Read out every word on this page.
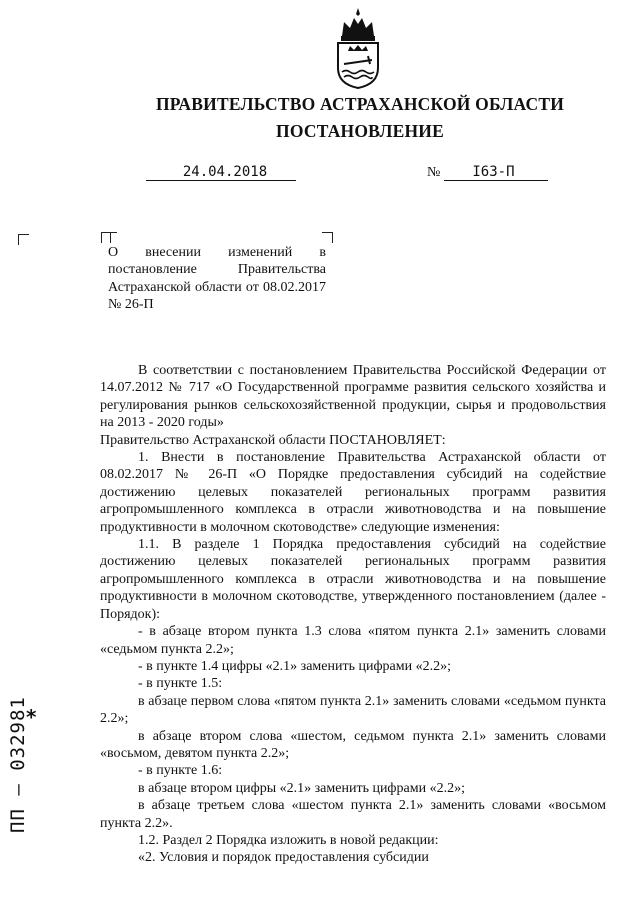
ПРАВИТЕЛЬСТВО АСТРАХАНСКОЙ ОБЛАСТИ
ПОСТАНОВЛЕНИЕ
24.04.2018	№ I63-П
О внесении изменений в постановление Правительства Астраханской области от 08.02.2017 № 26-П

В соответствии с постановлением Правительства Российской Федерации от 14.07.2012 № 717 «О Государственной программе развития сельского хозяйства и регулирования рынков сельскохозяйственной продукции, сырья и продовольствия на 2013 - 2020 годы»

Правительство Астраханской области ПОСТАНОВЛЯЕТ:

1. Внести в постановление Правительства Астраханской области от 08.02.2017 № 26-П «О Порядке предоставления субсидий на содействие достижению целевых показателей региональных программ развития агропромышленного комплекса в отрасли животноводства и на повышение продуктивности в молочном скотоводстве» следующие изменения:

1.1. В разделе 1 Порядка предоставления субсидий на содействие достижению целевых показателей региональных программ развития агропромышленного комплекса в отрасли животноводства и на повышение продуктивности в молочном скотоводстве, утвержденного постановлением (далее - Порядок):

- в абзаце втором пункта 1.3 слова «пятом пункта 2.1» заменить словами «седьмом пункта 2.2»;

- в пункте 1.4 цифры «2.1» заменить цифрами «2.2»;

- в пункте 1.5:

в абзаце первом слова «пятом пункта 2.1» заменить словами «седьмом пункта 2.2»;

в абзаце втором слова «шестом, седьмом пункта 2.1» заменить словами «восьмом, девятом пункта 2.2»;

- в пункте 1.6:

в абзаце втором цифры «2.1» заменить цифрами «2.2»;

в абзаце третьем слова «шестом пункта 2.1» заменить словами «восьмом пункта 2.2».

1.2. Раздел 2 Порядка изложить в новой редакции:

«2. Условия и порядок предоставления субсидии

*
ПП – 032981
